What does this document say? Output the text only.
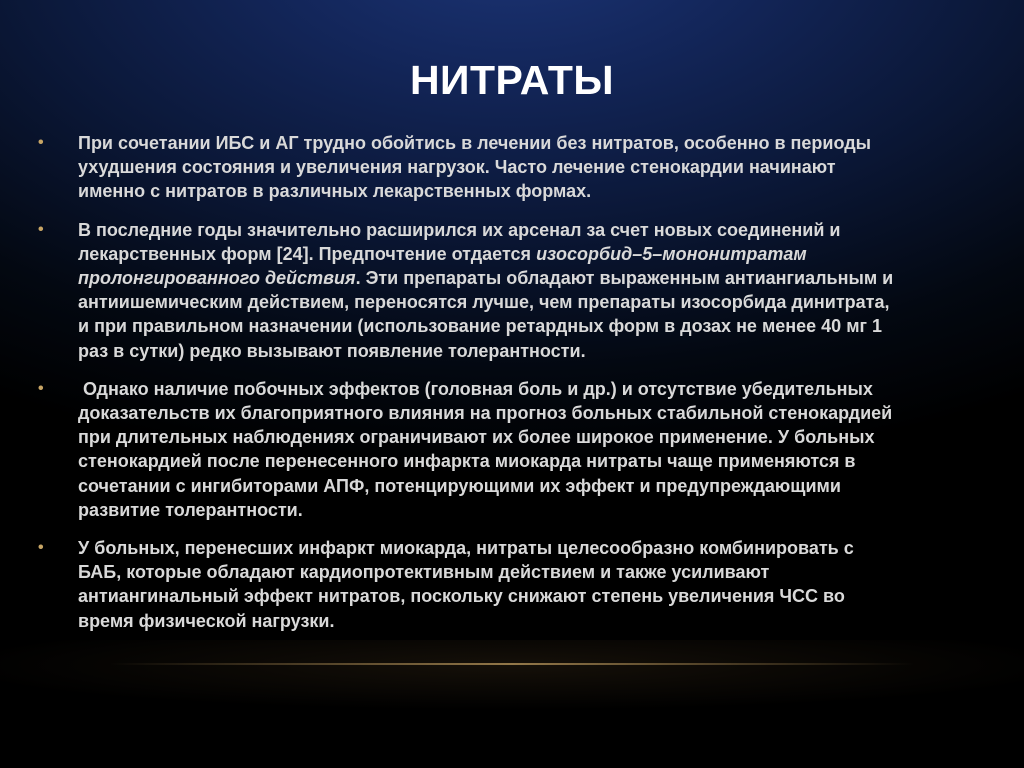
НИТРАТЫ
• При сочетании ИБС и АГ трудно обойтись в лечении без нитратов, особенно в периоды
ухудшения состояния и увеличения нагрузок. Часто лечение стенокардии начинают
именно с нитратов в различных лекарственных формах.
• В последние годы значительно расширился их арсенал за счет новых соединений и
лекарственных форм [24]. Предпочтение отдается изосорбид–5–мононитратам
пролонгированного действия. Эти препараты обладают выраженным антиангиальным и
антиишемическим действием, переносятся лучше, чем препараты изосорбида динитрата,
и при правильном назначении (использование ретардных форм в дозах не менее 40 мг 1
раз в сутки) редко вызывают появление толерантности.
• Однако наличие побочных эффектов (головная боль и др.) и отсутствие убедительных
доказательств их благоприятного влияния на прогноз больных стабильной стенокардией
при длительных наблюдениях ограничивают их более широкое применение. У больных
стенокардией после перенесенного инфаркта миокарда нитраты чаще применяются в
сочетании с ингибиторами АПФ, потенцирующими их эффект и предупреждающими
развитие толерантности.
• У больных, перенесших инфаркт миокарда, нитраты целесообразно комбинировать с
БАБ, которые обладают кардиопротективным действием и также усиливают
антиангинальный эффект нитратов, поскольку снижают степень увеличения ЧСС во
время физической нагрузки.
